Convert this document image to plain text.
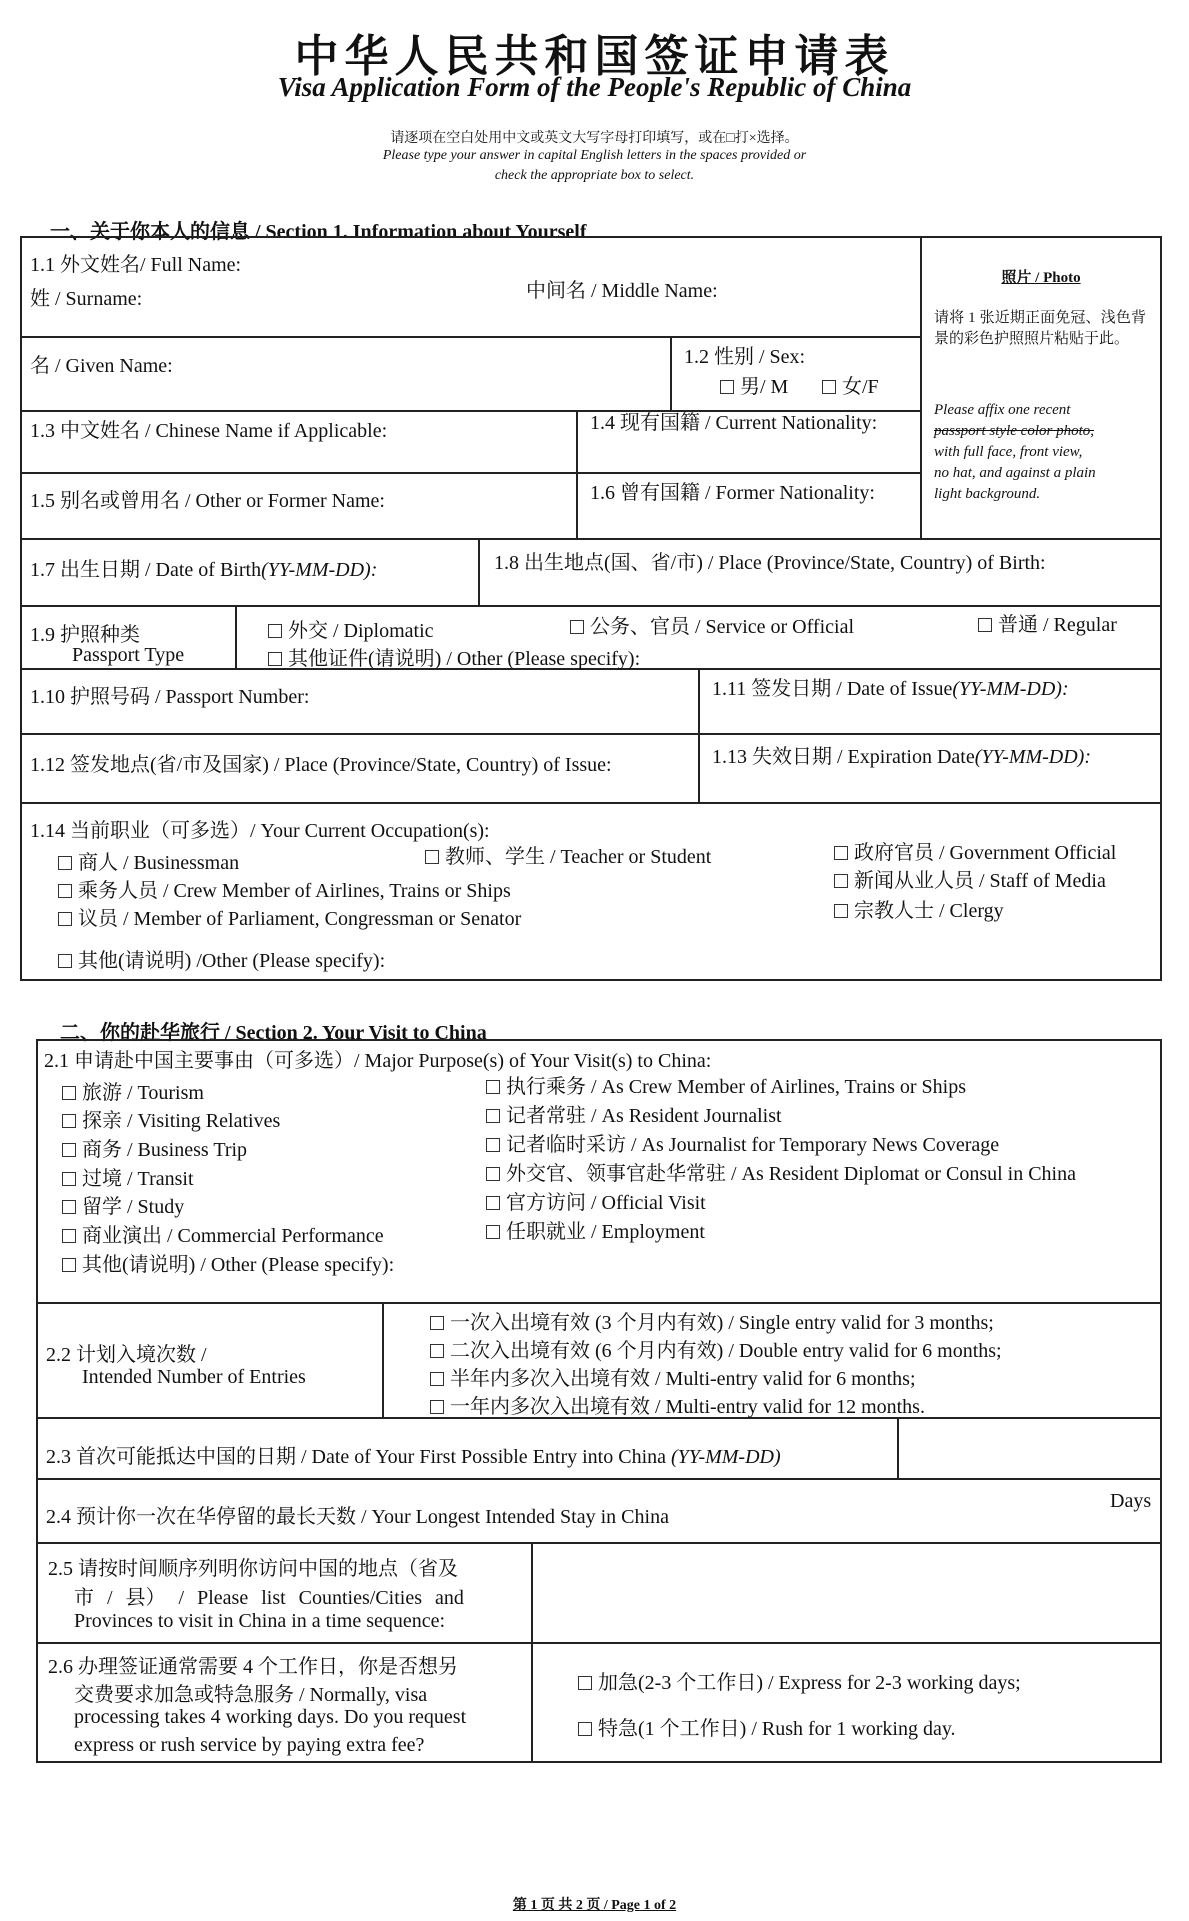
中华人民共和国签证申请表
Visa Application Form of the People's Republic of China
请逐项在空白处用中文或英文大写字母打印填写，或在□打×选择。
Please type your answer in capital English letters in the spaces provided or
check the appropriate box to select.
一、关于你本人的信息 / Section 1. Information about Yourself
1.1 外文姓名/ Full Name:
姓 / Surname:	中间名 / Middle Name:
名 / Given Name:	1.2 性别 / Sex:
男/ M	女/F
1.3 中文姓名 / Chinese Name if Applicable:	1.4 现有国籍 / Current Nationality:
1.5 别名或曾用名 / Other or Former Name:	1.6 曾有国籍 / Former Nationality:
1.7 出生日期 / Date of Birth(YY-MM-DD):	1.8 出生地点(国、省/市) / Place (Province/State, Country) of Birth:
1.9 护照种类
Passport Type
外交 / Diplomatic	公务、官员 / Service or Official	普通 / Regular
其他证件(请说明) / Other (Please specify):
1.10 护照号码 / Passport Number:	1.11 签发日期 / Date of Issue(YY-MM-DD):
1.12 签发地点(省/市及国家) / Place (Province/State, Country) of Issue:	1.13 失效日期 / Expiration Date(YY-MM-DD):
1.14 当前职业（可多选）/ Your Current Occupation(s):
商人 / Businessman	教师、学生 / Teacher or Student	政府官员 / Government Official
乘务人员 / Crew Member of Airlines, Trains or Ships	新闻从业人员 / Staff of Media
议员 / Member of Parliament, Congressman or Senator	宗教人士 / Clergy
其他(请说明) /Other (Please specify):
照片 / Photo
请将 1 张近期正面免冠、浅色背景的彩色护照照片粘贴于此。
Please affix one recent
passport style color photo,
with full face, front view,
no hat, and against a plain
light background.
二、你的赴华旅行 / Section 2. Your Visit to China
2.1 申请赴中国主要事由（可多选）/ Major Purpose(s) of Your Visit(s) to China:
旅游 / Tourism
探亲 / Visiting Relatives
商务 / Business Trip
过境 / Transit
留学 / Study
商业演出 / Commercial Performance
其他(请说明) / Other (Please specify):
执行乘务 / As Crew Member of Airlines, Trains or Ships
记者常驻 / As Resident Journalist
记者临时采访 / As Journalist for Temporary News Coverage
外交官、领事官赴华常驻 / As Resident Diplomat or Consul in China
官方访问 / Official Visit
任职就业 / Employment
2.2 计划入境次数 /
Intended Number of Entries
一次入出境有效 (3 个月内有效) / Single entry valid for 3 months;
二次入出境有效 (6 个月内有效) / Double entry valid for 6 months;
半年内多次入出境有效 / Multi-entry valid for 6 months;
一年内多次入出境有效 / Multi-entry valid for 12 months.
2.3 首次可能抵达中国的日期 / Date of Your First Possible Entry into China (YY-MM-DD)
2.4 预计你一次在华停留的最长天数 / Your Longest Intended Stay in China
Days
2.5 请按时间顺序列明你访问中国的地点（省及
市 / 县） / Please list Counties/Cities and
Provinces to visit in China in a time sequence:
2.6 办理签证通常需要 4 个工作日，你是否想另
交费要求加急或特急服务 / Normally, visa
processing takes 4 working days. Do you request
express or rush service by paying extra fee?
加急(2-3 个工作日) / Express for 2-3 working days;
特急(1 个工作日) / Rush for 1 working day.
第 1 页 共 2 页 / Page 1 of 2
